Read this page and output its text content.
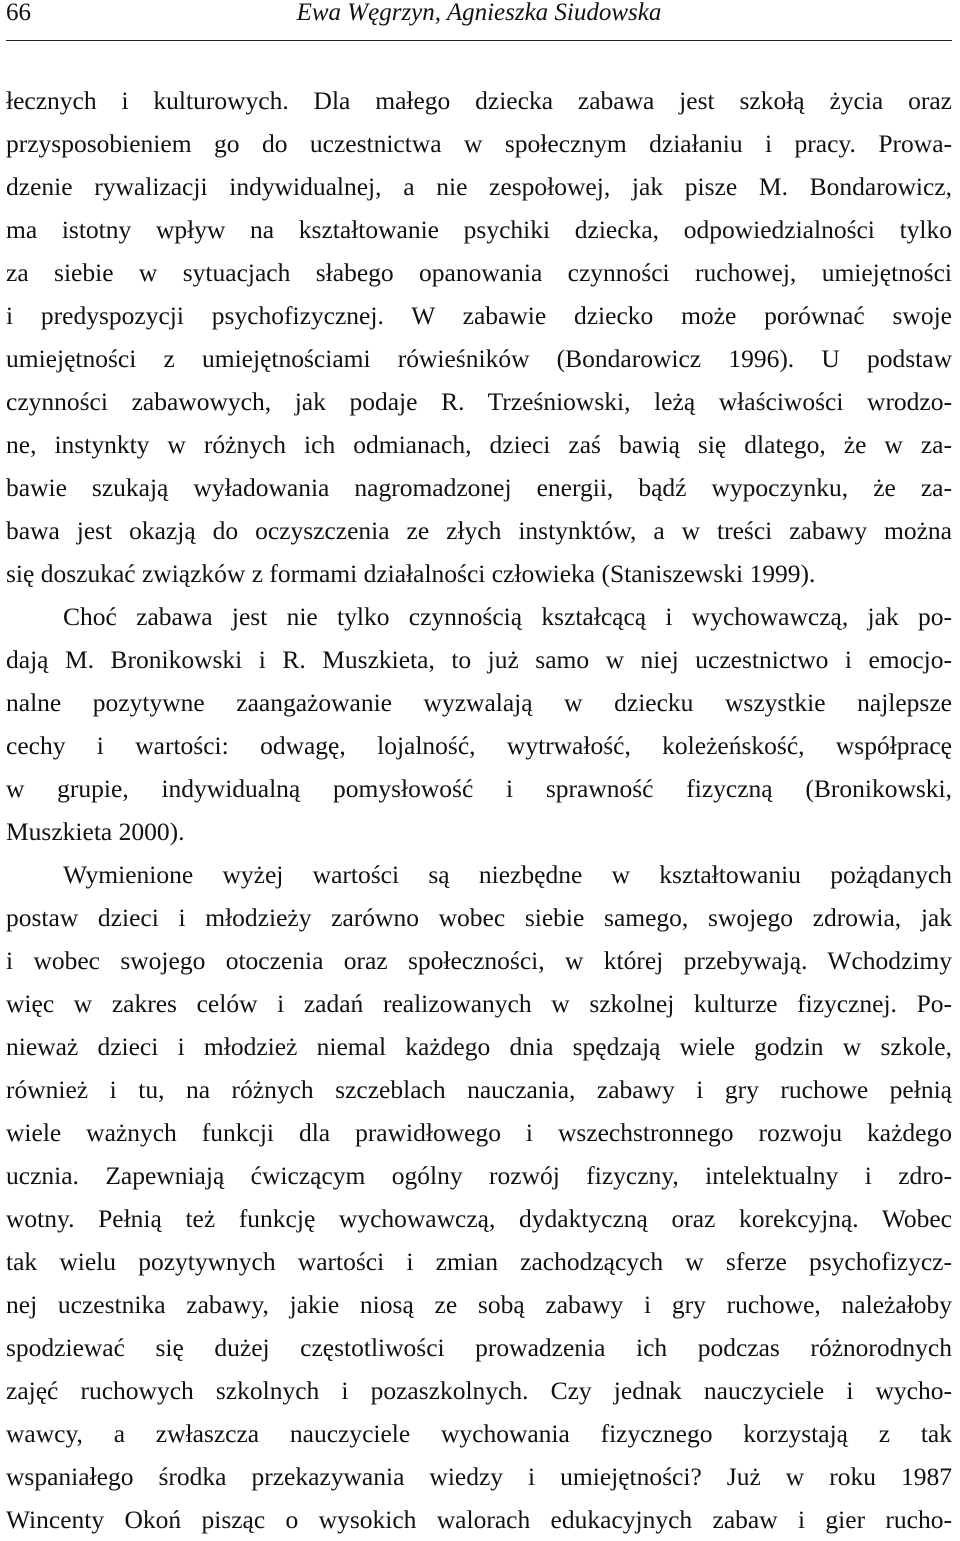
66	Ewa Węgrzyn, Agnieszka Siudowska
łecznych i kulturowych. Dla małego dziecka zabawa jest szkołą życia oraz
przysposobieniem go do uczestnictwa w społecznym działaniu i pracy. Prowa-
dzenie rywalizacji indywidualnej, a nie zespołowej, jak pisze M. Bondarowicz,
ma istotny wpływ na kształtowanie psychiki dziecka, odpowiedzialności tylko
za siebie w sytuacjach słabego opanowania czynności ruchowej, umiejętności
i predyspozycji psychofizycznej. W zabawie dziecko może porównać swoje
umiejętności z umiejętnościami rówieśników (Bondarowicz 1996). U podstaw
czynności zabawowych, jak podaje R. Trześniowski, leżą właściwości wrodzo-
ne, instynkty w różnych ich odmianach, dzieci zaś bawią się dlatego, że w za-
bawie szukają wyładowania nagromadzonej energii, bądź wypoczynku, że za-
bawa jest okazją do oczyszczenia ze złych instynktów, a w treści zabawy można
się doszukać związków z formami działalności człowieka (Staniszewski 1999).
Choć zabawa jest nie tylko czynnością kształcącą i wychowawczą, jak po-
dają M. Bronikowski i R. Muszkieta, to już samo w niej uczestnictwo i emocjo-
nalne pozytywne zaangażowanie wyzwalają w dziecku wszystkie najlepsze
cechy i wartości: odwagę, lojalność, wytrwałość, koleżeńskość, współpracę
w grupie, indywidualną pomysłowość i sprawność fizyczną (Bronikowski,
Muszkieta 2000).
Wymienione wyżej wartości są niezbędne w kształtowaniu pożądanych
postaw dzieci i młodzieży zarówno wobec siebie samego, swojego zdrowia, jak
i wobec swojego otoczenia oraz społeczności, w której przebywają. Wchodzimy
więc w zakres celów i zadań realizowanych w szkolnej kulturze fizycznej. Po-
nieważ dzieci i młodzież niemal każdego dnia spędzają wiele godzin w szkole,
również i tu, na różnych szczeblach nauczania, zabawy i gry ruchowe pełnią
wiele ważnych funkcji dla prawidłowego i wszechstronnego rozwoju każdego
ucznia. Zapewniają ćwiczącym ogólny rozwój fizyczny, intelektualny i zdro-
wotny. Pełnią też funkcję wychowawczą, dydaktyczną oraz korekcyjną. Wobec
tak wielu pozytywnych wartości i zmian zachodzących w sferze psychofizycz-
nej uczestnika zabawy, jakie niosą ze sobą zabawy i gry ruchowe, należałoby
spodziewać się dużej częstotliwości prowadzenia ich podczas różnorodnych
zajęć ruchowych szkolnych i pozaszkolnych. Czy jednak nauczyciele i wycho-
wawcy, a zwłaszcza nauczyciele wychowania fizycznego korzystają z tak
wspaniałego środka przekazywania wiedzy i umiejętności? Już w roku 1987
Wincenty Okoń pisząc o wysokich walorach edukacyjnych zabaw i gier rucho-
